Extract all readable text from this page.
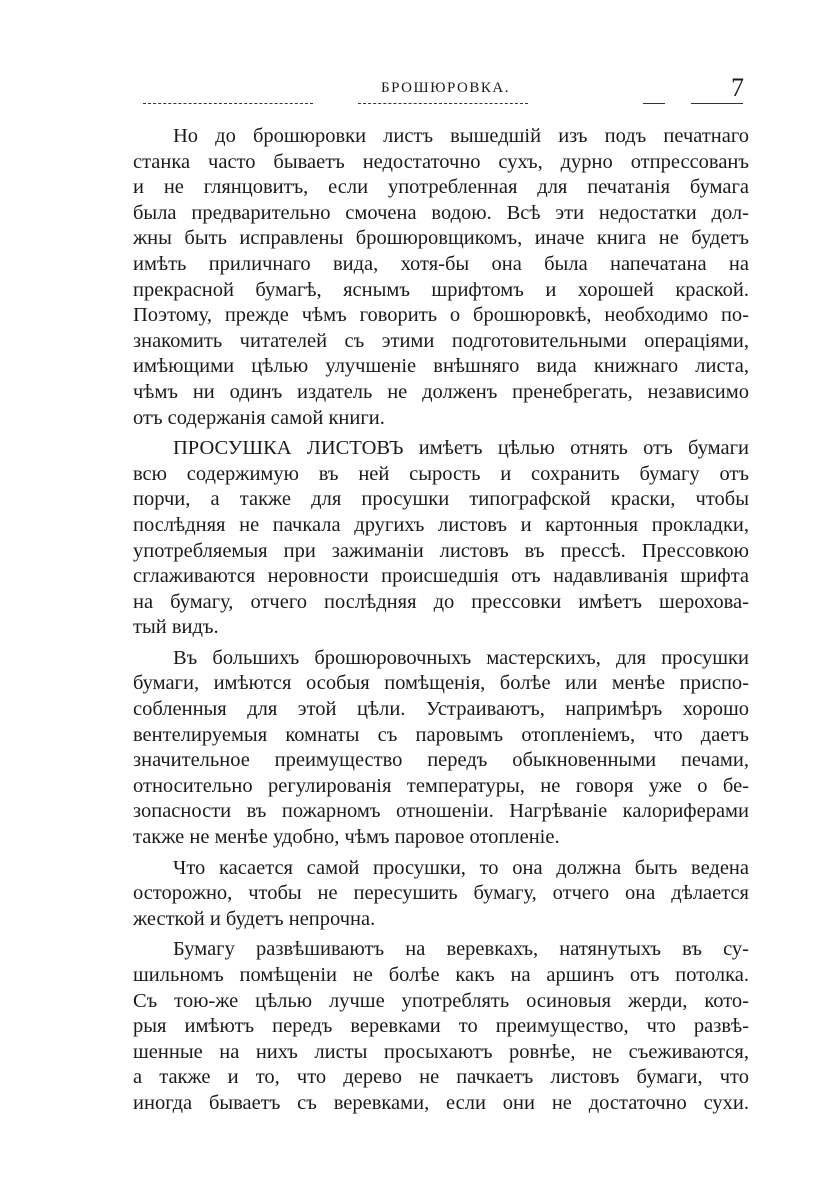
БРОШЮРОВКА.	7
Но до брошюровки листъ вышедшій изъ подъ печатнаго
станка часто бываетъ недостаточно сухъ, дурно отпрессованъ
и не глянцовитъ, если употребленная для печатанія бумага
была предварительно смочена водою. Всѣ эти недостатки дол-
жны быть исправлены брошюровщикомъ, иначе книга не будетъ
имѣть приличнаго вида, хотя-бы она была напечатана на
прекрасной бумагѣ, яснымъ шрифтомъ и хорошей краской.
Поэтому, прежде чѣмъ говорить о брошюровкѣ, необходимо по-
знакомить читателей съ этими подготовительными операціями,
имѣющими цѣлью улучшеніе внѣшняго вида книжнаго листа,
чѣмъ ни одинъ издатель не долженъ пренебрегать, независимо
отъ содержанія самой книги.
ПРОСУШКА ЛИСТОВЪ имѣетъ цѣлью отнять отъ бумаги
всю содержимую въ ней сырость и сохранить бумагу отъ
порчи, а также для просушки типографской краски, чтобы
послѣдняя не пачкала другихъ листовъ и картонныя прокладки,
употребляемыя при зажиманіи листовъ въ прессѣ. Прессовкою
сглаживаются неровности происшедшія отъ надавливанія шрифта
на бумагу, отчего послѣдняя до прессовки имѣетъ шерохова-
тый видъ.
Въ большихъ брошюровочныхъ мастерскихъ, для просушки
бумаги, имѣются особыя помѣщенія, болѣе или менѣе приспо-
собленныя для этой цѣли. Устраиваютъ, напримѣръ хорошо
вентелируемыя комнаты съ паровымъ отопленіемъ, что даетъ
значительное преимущество передъ обыкновенными печами,
относительно регулированія температуры, не говоря уже о бе-
зопасности въ пожарномъ отношеніи. Нагрѣваніе калориферами
также не менѣе удобно, чѣмъ паровое отопленіе.
Что касается самой просушки, то она должна быть ведена
осторожно, чтобы не пересушить бумагу, отчего она дѣлается
жесткой и будетъ непрочна.
Бумагу развѣшиваютъ на веревкахъ, натянутыхъ въ су-
шильномъ помѣщеніи не болѣе какъ на аршинъ отъ потолка.
Съ тою-же цѣлью лучше употреблять осиновыя жерди, кото-
рыя имѣютъ передъ веревками то преимущество, что развѣ-
шенные на нихъ листы просыхаютъ ровнѣе, не съеживаются,
а также и то, что дерево не пачкаетъ листовъ бумаги, что
иногда бываетъ съ веревками, если они не достаточно сухи.
